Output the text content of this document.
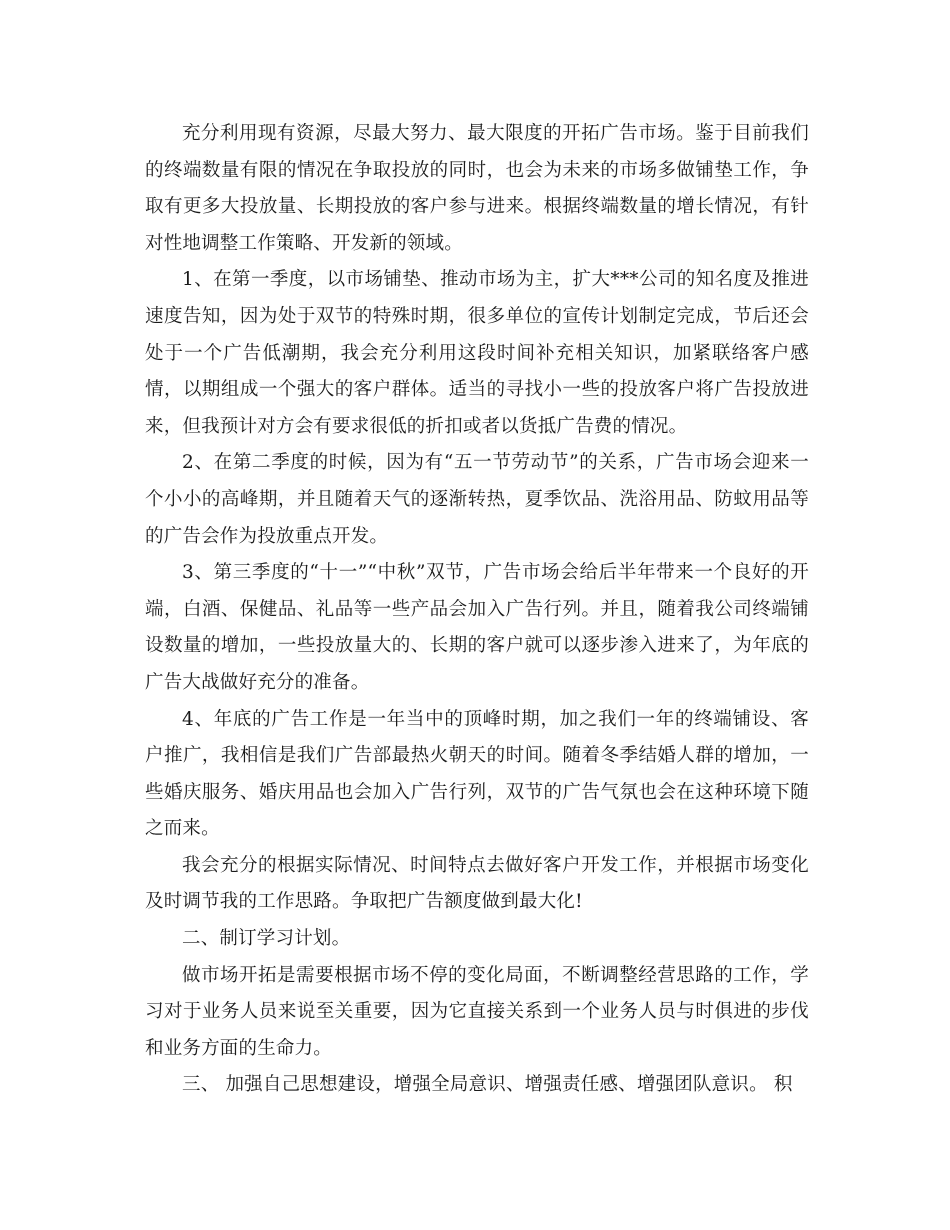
充分利用现有资源，尽最大努力、最大限度的开拓广告市场。鉴于目前我们的终端数量有限的情况在争取投放的同时，也会为未来的市场多做铺垫工作，争取有更多大投放量、长期投放的客户参与进来。根据终端数量的增长情况，有针对性地调整工作策略、开发新的领域。

1、在第一季度，以市场铺垫、推动市场为主，扩大***公司的知名度及推进速度告知，因为处于双节的特殊时期，很多单位的宣传计划制定完成，节后还会处于一个广告低潮期，我会充分利用这段时间补充相关知识，加紧联络客户感情，以期组成一个强大的客户群体。适当的寻找小一些的投放客户将广告投放进来，但我预计对方会有要求很低的折扣或者以货抵广告费的情况。

2、在第二季度的时候，因为有“五一节劳动节”的关系，广告市场会迎来一个小小的高峰期，并且随着天气的逐渐转热，夏季饮品、洗浴用品、防蚊用品等的广告会作为投放重点开发。

3、第三季度的“十一”“中秋”双节，广告市场会给后半年带来一个良好的开端，白酒、保健品、礼品等一些产品会加入广告行列。并且，随着我公司终端铺设数量的增加，一些投放量大的、长期的客户就可以逐步渗入进来了，为年底的广告大战做好充分的准备。

4、年底的广告工作是一年当中的顶峰时期，加之我们一年的终端铺设、客户推广，我相信是我们广告部最热火朝天的时间。随着冬季结婚人群的增加，一些婚庆服务、婚庆用品也会加入广告行列，双节的广告气氛也会在这种环境下随之而来。

我会充分的根据实际情况、时间特点去做好客户开发工作，并根据市场变化及时调节我的工作思路。争取把广告额度做到最大化!

二、制订学习计划。

做市场开拓是需要根据市场不停的变化局面，不断调整经营思路的工作，学习对于业务人员来说至关重要，因为它直接关系到一个业务人员与时俱进的步伐和业务方面的生命力。

三、 加强自己思想建设，增强全局意识、增强责任感、增强团队意识。 积
